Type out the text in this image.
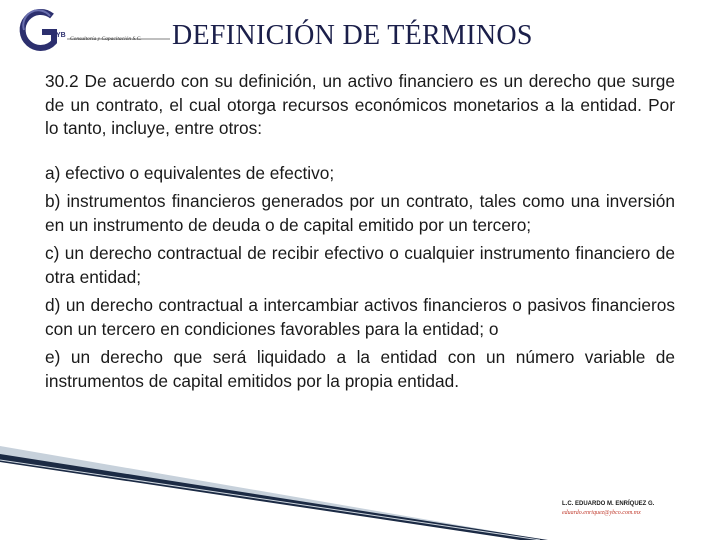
YB Consultoría y Capacitación S.C.	DEFINICIÓN DE TÉRMINOS

30.2 De acuerdo con su definición, un activo financiero es un derecho que surge de un contrato, el cual otorga recursos económicos monetarios a la entidad. Por lo tanto, incluye, entre otros:

a) efectivo o equivalentes de efectivo;
b) instrumentos financieros generados por un contrato, tales como una inversión en un instrumento de deuda o de capital emitido por un tercero;
c) un derecho contractual de recibir efectivo o cualquier instrumento financiero de otra entidad;
d) un derecho contractual a intercambiar activos financieros o pasivos financieros con un tercero en condiciones favorables para la entidad; o
e) un derecho que será liquidado a la entidad con un número variable de instrumentos de capital emitidos por la propia entidad.
L.C. EDUARDO M. ENRÍQUEZ G.
eduardo.enriquez@ybco.com.mx
